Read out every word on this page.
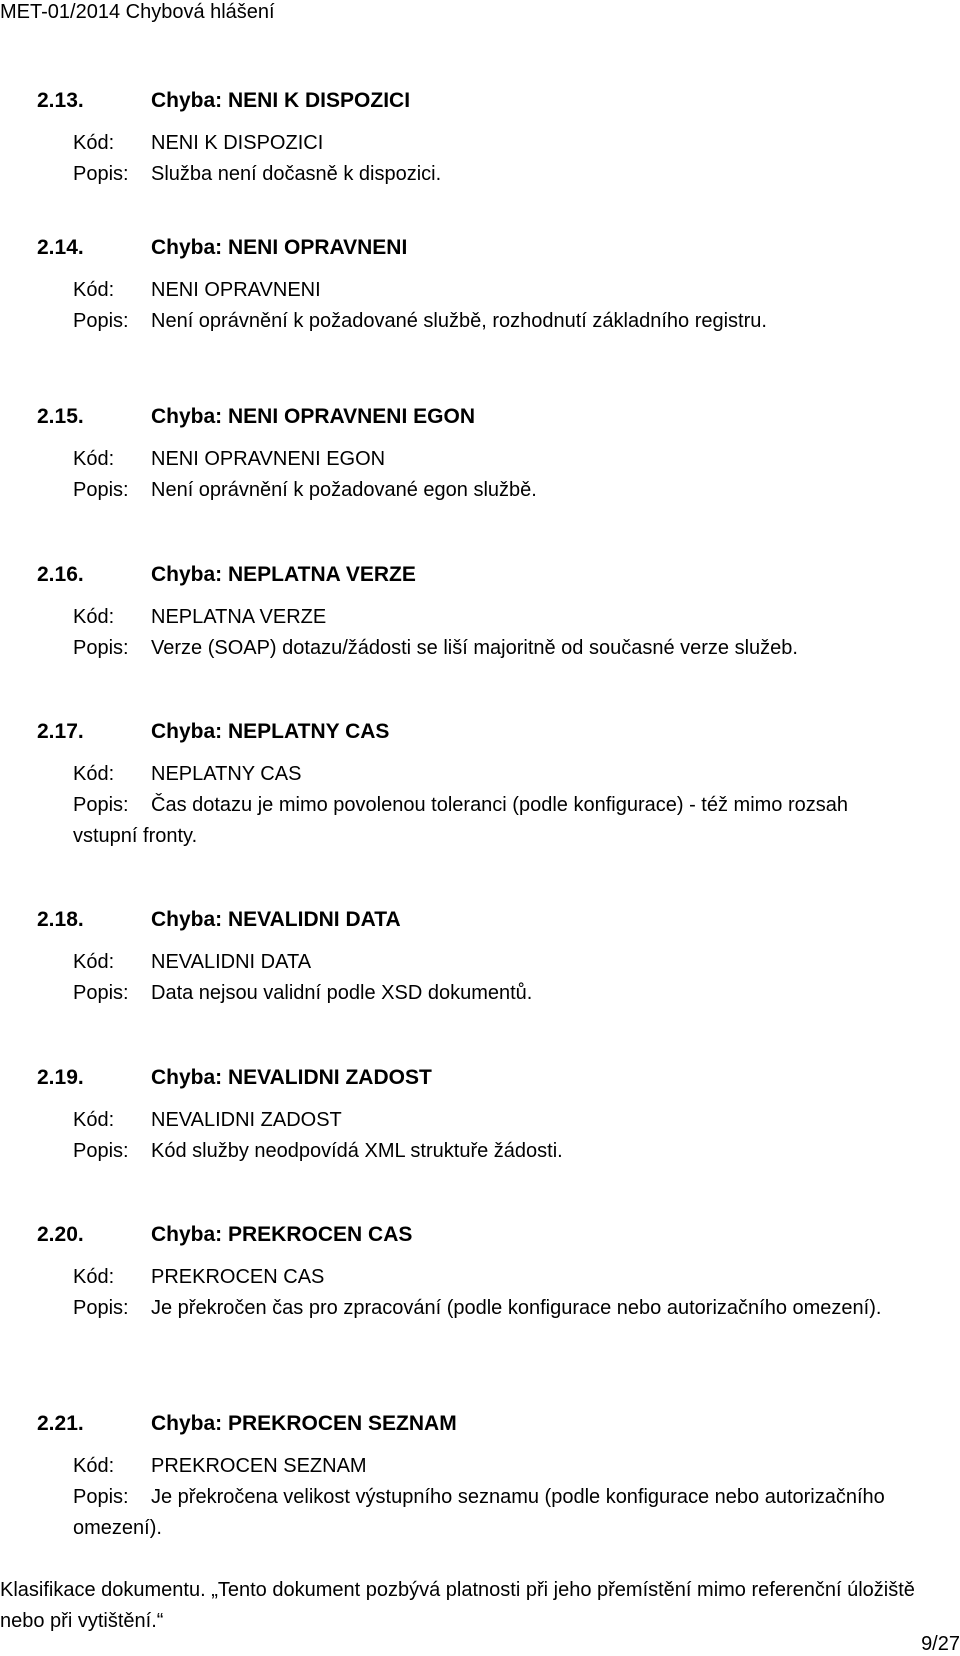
MET-01/2014 Chybová hlášení
2.13.	Chyba: NENI K DISPOZICI
Kód: NENI K DISPOZICI
Popis: Služba není dočasně k dispozici.
2.14.	Chyba: NENI OPRAVNENI
Kód: NENI OPRAVNENI
Popis: Není oprávnění k požadované službě, rozhodnutí základního registru.
2.15.	Chyba: NENI OPRAVNENI EGON
Kód: NENI OPRAVNENI EGON
Popis: Není oprávnění k požadované egon službě.
2.16.	Chyba: NEPLATNA VERZE
Kód: NEPLATNA VERZE
Popis: Verze (SOAP) dotazu/žádosti se liší majoritně od současné verze služeb.
2.17.	Chyba: NEPLATNY CAS
Kód: NEPLATNY CAS
Popis: Čas dotazu je mimo povolenou toleranci (podle konfigurace) - též mimo rozsah vstupní fronty.
2.18.	Chyba: NEVALIDNI DATA
Kód: NEVALIDNI DATA
Popis: Data nejsou validní podle XSD dokumentů.
2.19.	Chyba: NEVALIDNI ZADOST
Kód: NEVALIDNI ZADOST
Popis: Kód služby neodpovídá XML struktuře žádosti.
2.20.	Chyba: PREKROCEN CAS
Kód: PREKROCEN CAS
Popis: Je překročen čas pro zpracování (podle konfigurace nebo autorizačního omezení).
2.21.	Chyba: PREKROCEN SEZNAM
Kód: PREKROCEN SEZNAM
Popis: Je překročena velikost výstupního seznamu (podle konfigurace nebo autorizačního omezení).
Klasifikace dokumentu. „Tento dokument pozbývá platnosti při jeho přemístění mimo referenční úložiště nebo při vytištění.“
9/27
